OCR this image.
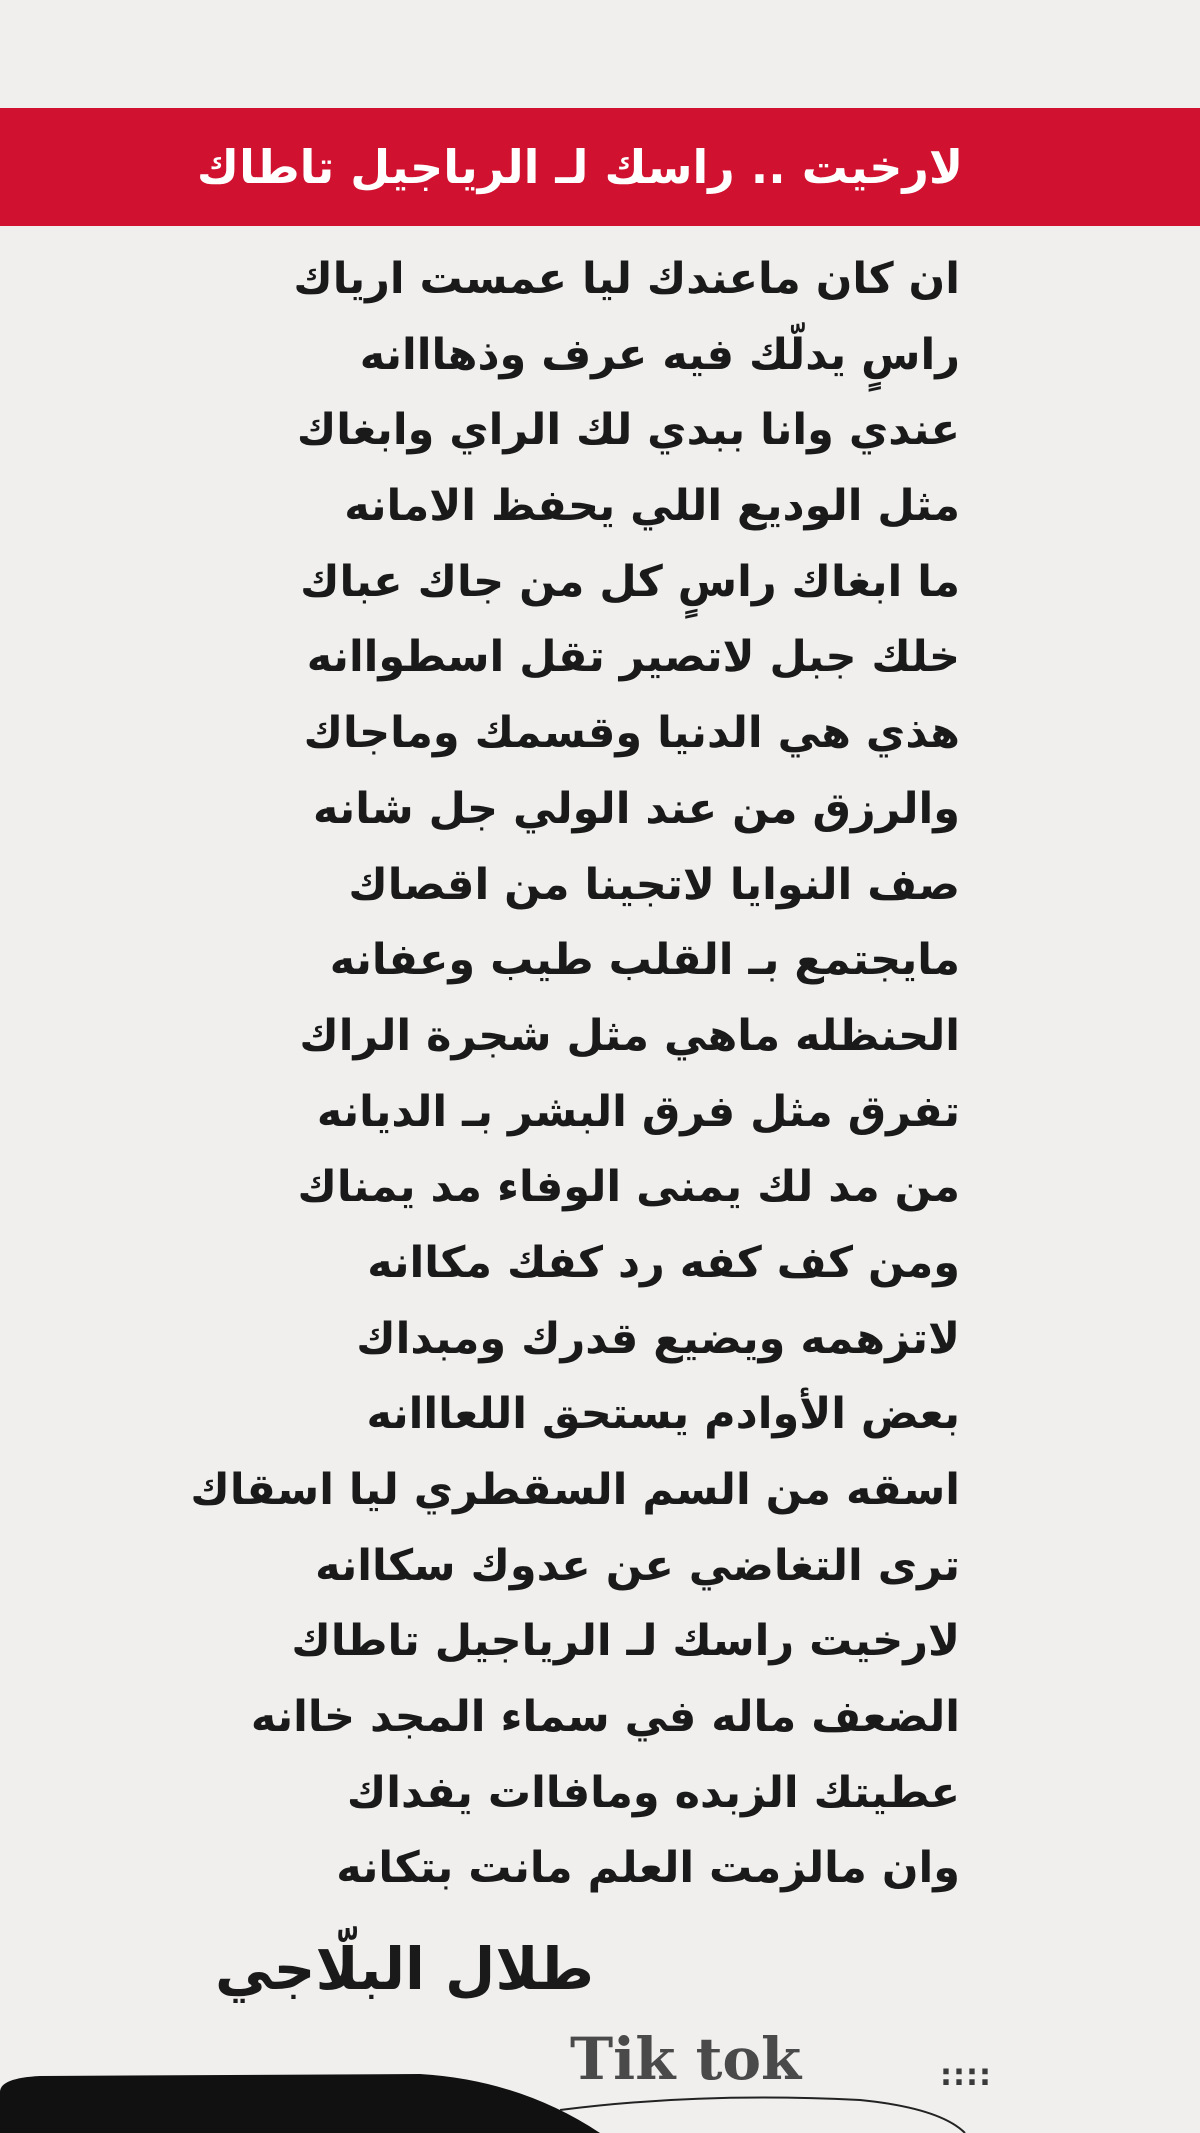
لارخيت .. راسك لـ الرياجيل تاطاك
ان كان ماعندك ليا عمست ارياك
راسٍ يدلّك فيه عرف وذهااانه
عندي وانا ببدي لك الراي وابغاك
مثل الوديع اللي يحفظ الامانه
ما ابغاك راسٍ كل من جاك عباك
خلك جبل لاتصير تقل اسطواانه
هذي هي الدنيا وقسمك وماجاك
والرزق من عند الولي جل شانه
صف النوايا لاتجينا من اقصاك
مايجتمع بـ القلب طيب وعفانه
الحنظله ماهي مثل شجرة الراك
تفرق مثل فرق البشر بـ الديانه
من مد لك يمنى الوفاء مد يمناك
ومن كف كفه رد كفك مكاانه
لاتزهمه ويضيع قدرك ومبداك
بعض الأوادم يستحق اللعااانه
اسقه من السم السقطري ليا اسقاك
ترى التغاضي عن عدوك سكاانه
لارخيت راسك لـ الرياجيل تاطاك
الضعف ماله في سماء المجد خاانه
عطيتك الزبده ومافاات يفداك
وان مالزمت العلم مانت بتكانه
طلال البلّاجي
Tik tok	::::
